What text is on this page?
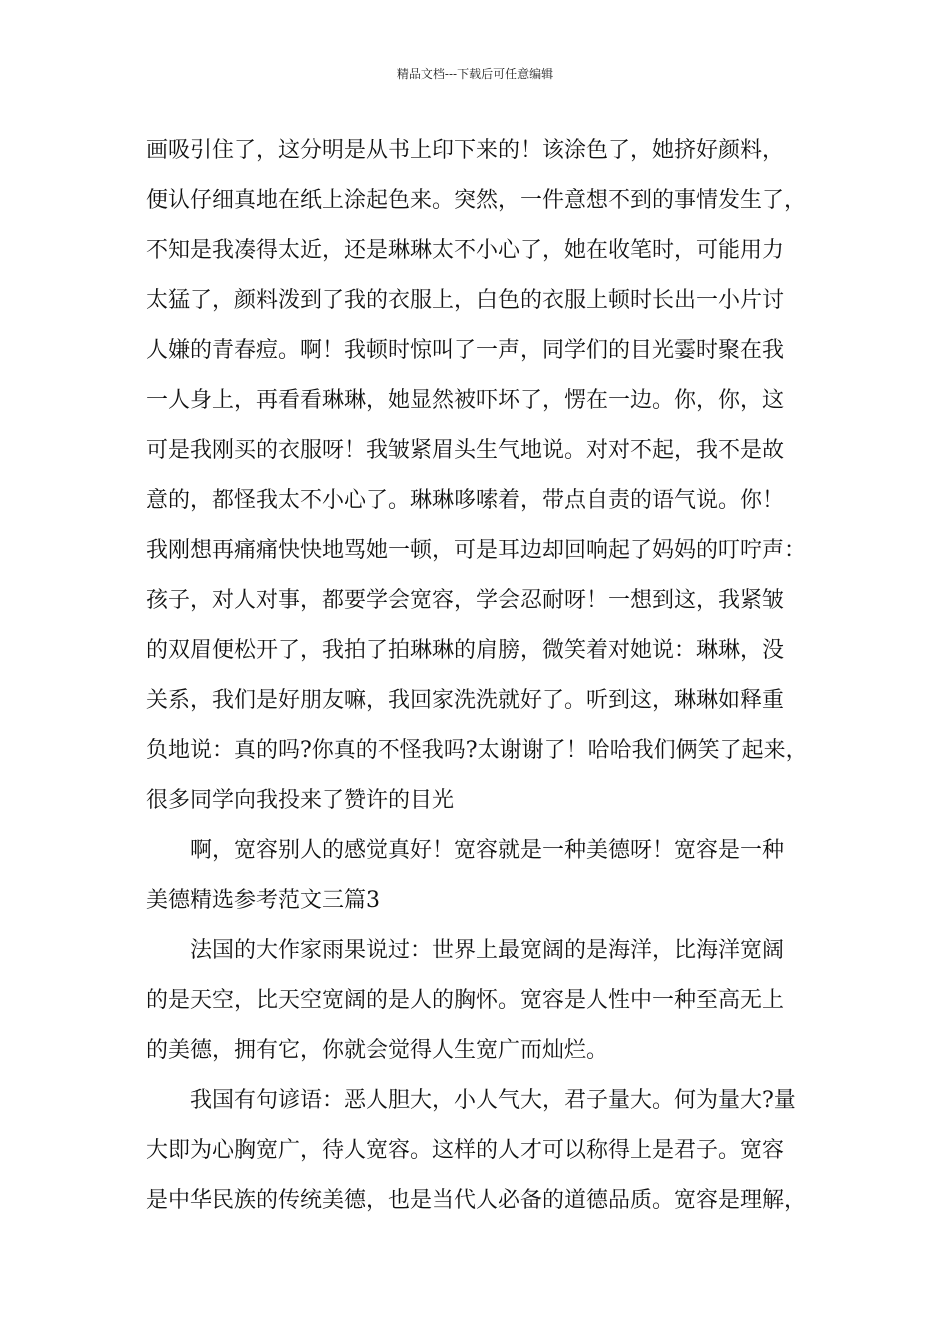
精品文档---下载后可任意编辑
画吸引住了，这分明是从书上印下来的！该涂色了，她挤好颜料，
便认仔细真地在纸上涂起色来。突然，一件意想不到的事情发生了，
不知是我凑得太近，还是琳琳太不小心了，她在收笔时，可能用力
太猛了，颜料泼到了我的衣服上，白色的衣服上顿时长出一小片讨
人嫌的青春痘。啊！我顿时惊叫了一声，同学们的目光霎时聚在我
一人身上，再看看琳琳，她显然被吓坏了，愣在一边。你，你，这
可是我刚买的衣服呀！我皱紧眉头生气地说。对对不起，我不是故
意的，都怪我太不小心了。琳琳哆嗦着，带点自责的语气说。你！
我刚想再痛痛快快地骂她一顿，可是耳边却回响起了妈妈的叮咛声：
孩子，对人对事，都要学会宽容，学会忍耐呀！一想到这，我紧皱
的双眉便松开了，我拍了拍琳琳的肩膀，微笑着对她说：琳琳，没
关系，我们是好朋友嘛，我回家洗洗就好了。听到这，琳琳如释重
负地说：真的吗?你真的不怪我吗?太谢谢了！哈哈我们俩笑了起来，
很多同学向我投来了赞许的目光
啊，宽容别人的感觉真好！宽容就是一种美德呀！宽容是一种
美德精选参考范文三篇3
法国的大作家雨果说过：世界上最宽阔的是海洋，比海洋宽阔
的是天空，比天空宽阔的是人的胸怀。宽容是人性中一种至高无上
的美德，拥有它，你就会觉得人生宽广而灿烂。
我国有句谚语：恶人胆大，小人气大，君子量大。何为量大?量
大即为心胸宽广，待人宽容。这样的人才可以称得上是君子。宽容
是中华民族的传统美德，也是当代人必备的道德品质。宽容是理解，
